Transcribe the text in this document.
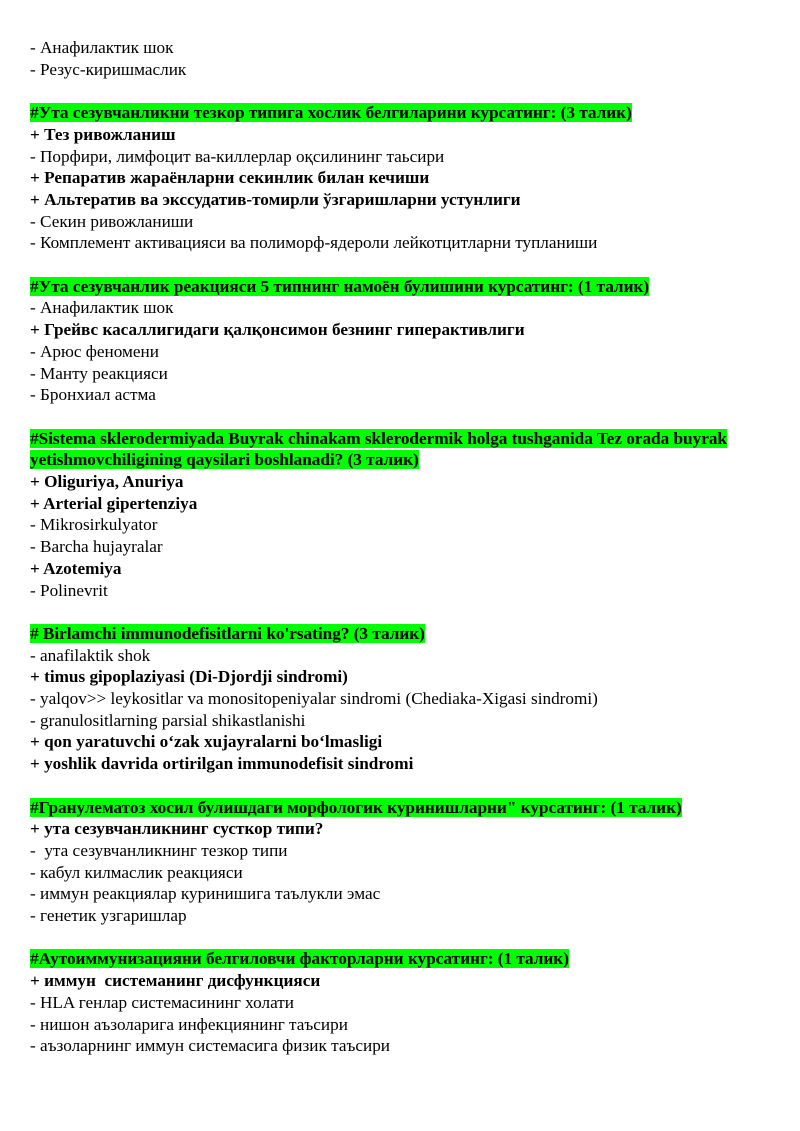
- Анафилактик шок
- Резус-киришмаслик
#Ута сезувчанликни тезкор типига хослик белгиларини курсатинг: (3 талик)
+ Тез ривожланиш
- Порфири, лимфоцит ва-киллерлар оқсилининг таьсири
+ Репаратив жараёнларни секинлик билан кечиши
+ Альтератив ва экссудатив-томирли ўзгаришларни устунлиги
- Секин ривожланиши
- Комплемент активацияси ва полиморф-ядероли лейкотцитларни тупланиши
#Ута сезувчанлик реакцияси 5 типнинг намоён булишини курсатинг: (1 талик)
- Анафилактик шок
+ Грейвс касаллигидаги қалқонсимон безнинг гиперактивлиги
- Арюс феномени
- Манту реакцияси
- Бронхиал астма
#Sistema sklerodermiyada Buyrak chinakam sklerodermik holga tushganida Tez orada buyrak yetishmovchiligining qaysilari boshlanadi? (3 талик)
+ Oliguriya, Anuriya
+ Arterial gipertenziya
- Mikrosirkulyator
- Barcha hujayralar
+ Azotemiya
- Polinevrit
# Birlamchi immunodefisitlarni ko'rsating? (3 талик)
- anafilaktik shok
+ timus gipoplaziyasi (Di-Djordji sindromi)
- yalqov>> leykositlar va monositopeniyalar sindromi (Chediaka-Xigasi sindromi)
- granulositlarning parsial shikastlanishi
+ qon yaratuvchi o‘zak xujayralarni bo‘lmasligi
+ yoshlik davrida ortirilgan immunodefisit sindromi
#Гранулематоз хосил булишдаги морфологик куринишларни" курсатинг: (1 талик)
+ ута сезувчанликнинг сусткор типи?
-  ута сезувчанликнинг тезкор типи
- кабул килмаслик реакцияси
- иммун реакциялар куринишига таълукли эмас
- генетик узгаришлар
#Аутоиммунизацияни белгиловчи факторларни курсатинг: (1 талик)
+ иммун  системанинг дисфункцияси
- HLA генлар системасининг холати
- нишон аъзоларига инфекциянинг таъсири
- аъзоларнинг иммун системасига физик таъсири
